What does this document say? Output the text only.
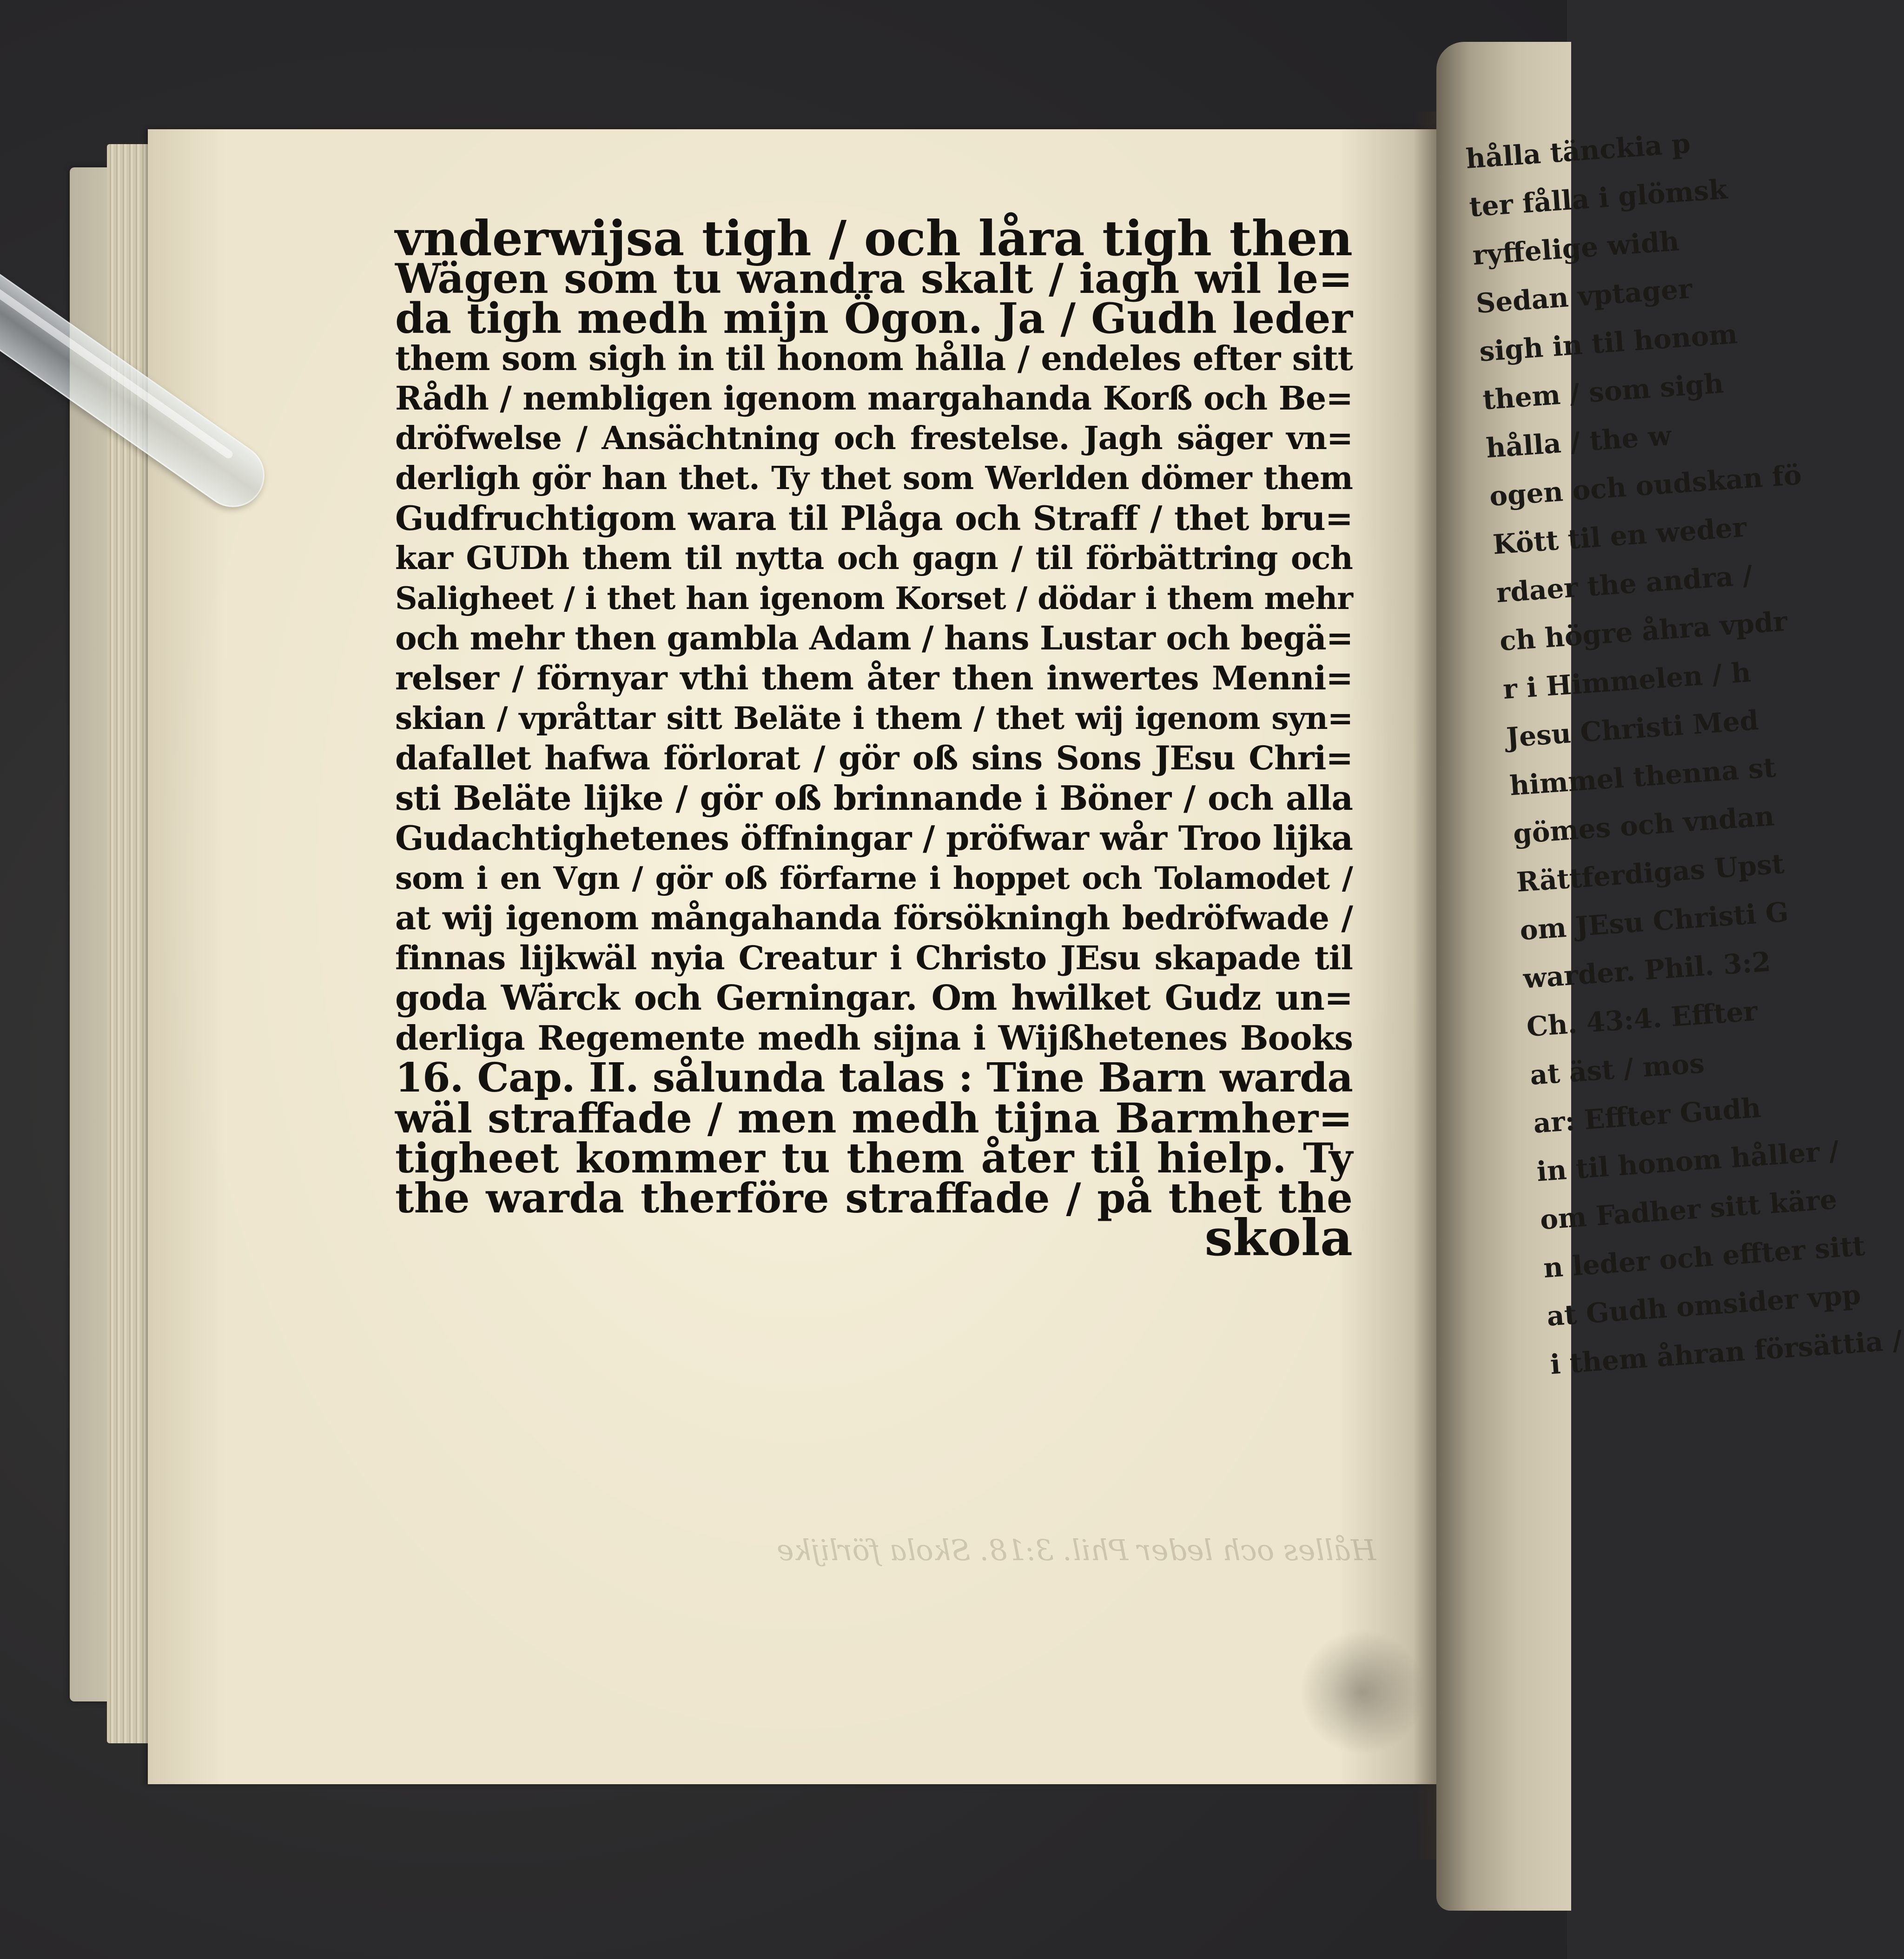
Hålles och leder Phil. 3:18. Skola förlijke
vnderwijsa tigh / och låra tigh then
Wägen som tu wandra skalt / iagh wil le=
da tigh medh mijn Ögon. Ja / Gudh leder
them som sigh in til honom hålla / endeles efter sitt
Rådh / nembligen igenom margahanda Korß och Be=
dröfwelse / Ansächtning och frestelse. Jagh säger vn=
derligh gör han thet. Ty thet som Werlden dömer them
Gudfruchtigom wara til Plåga och Straff / thet bru=
kar GUDh them til nytta och gagn / til förbättring och
Saligheet / i thet han igenom Korset / dödar i them mehr
och mehr then gambla Adam / hans Lustar och begä=
relser / förnyar vthi them åter then inwertes Menni=
skian / vpråttar sitt Beläte i them / thet wij igenom syn=
dafallet hafwa förlorat / gör oß sins Sons JEsu Chri=
sti Beläte lijke / gör oß brinnande i Böner / och alla
Gudachtighetenes öffningar / pröfwar wår Troo lijka
som i en Vgn / gör oß förfarne i hoppet och Tolamodet /
at wij igenom mångahanda försökningh bedröfwade /
finnas lijkwäl nyia Creatur i Christo JEsu skapade til
goda Wärck och Gerningar. Om hwilket Gudz un=
derliga Regemente medh sijna i Wijßhetenes Books
16. Cap. II. sålunda talas : Tine Barn warda
wäl straffade / men medh tijna Barmher=
tigheet kommer tu them åter til hielp. Ty
the warda therföre straffade / på thet the
skola
hålla tänckia p
ter fålla i glömsk
ryffelige widh
Sedan vptager
sigh in til honom
them / som sigh
hålla / the w
ogen och oudskan fö
Kött til en weder
rdaer the andra /
ch högre åhra vpdr
r i Himmelen / h
Jesu Christi Med
himmel thenna st
gömes och vndan
Rättferdigas Upst
om JEsu Christi G
warder. Phil. 3:2
Ch. 43:4. Effter
at äst / mos
ar: Effter Gudh
in til honom håller /
om Fadher sitt käre
n leder och effter sitt
at Gudh omsider vpp
i them åhran försättia /
